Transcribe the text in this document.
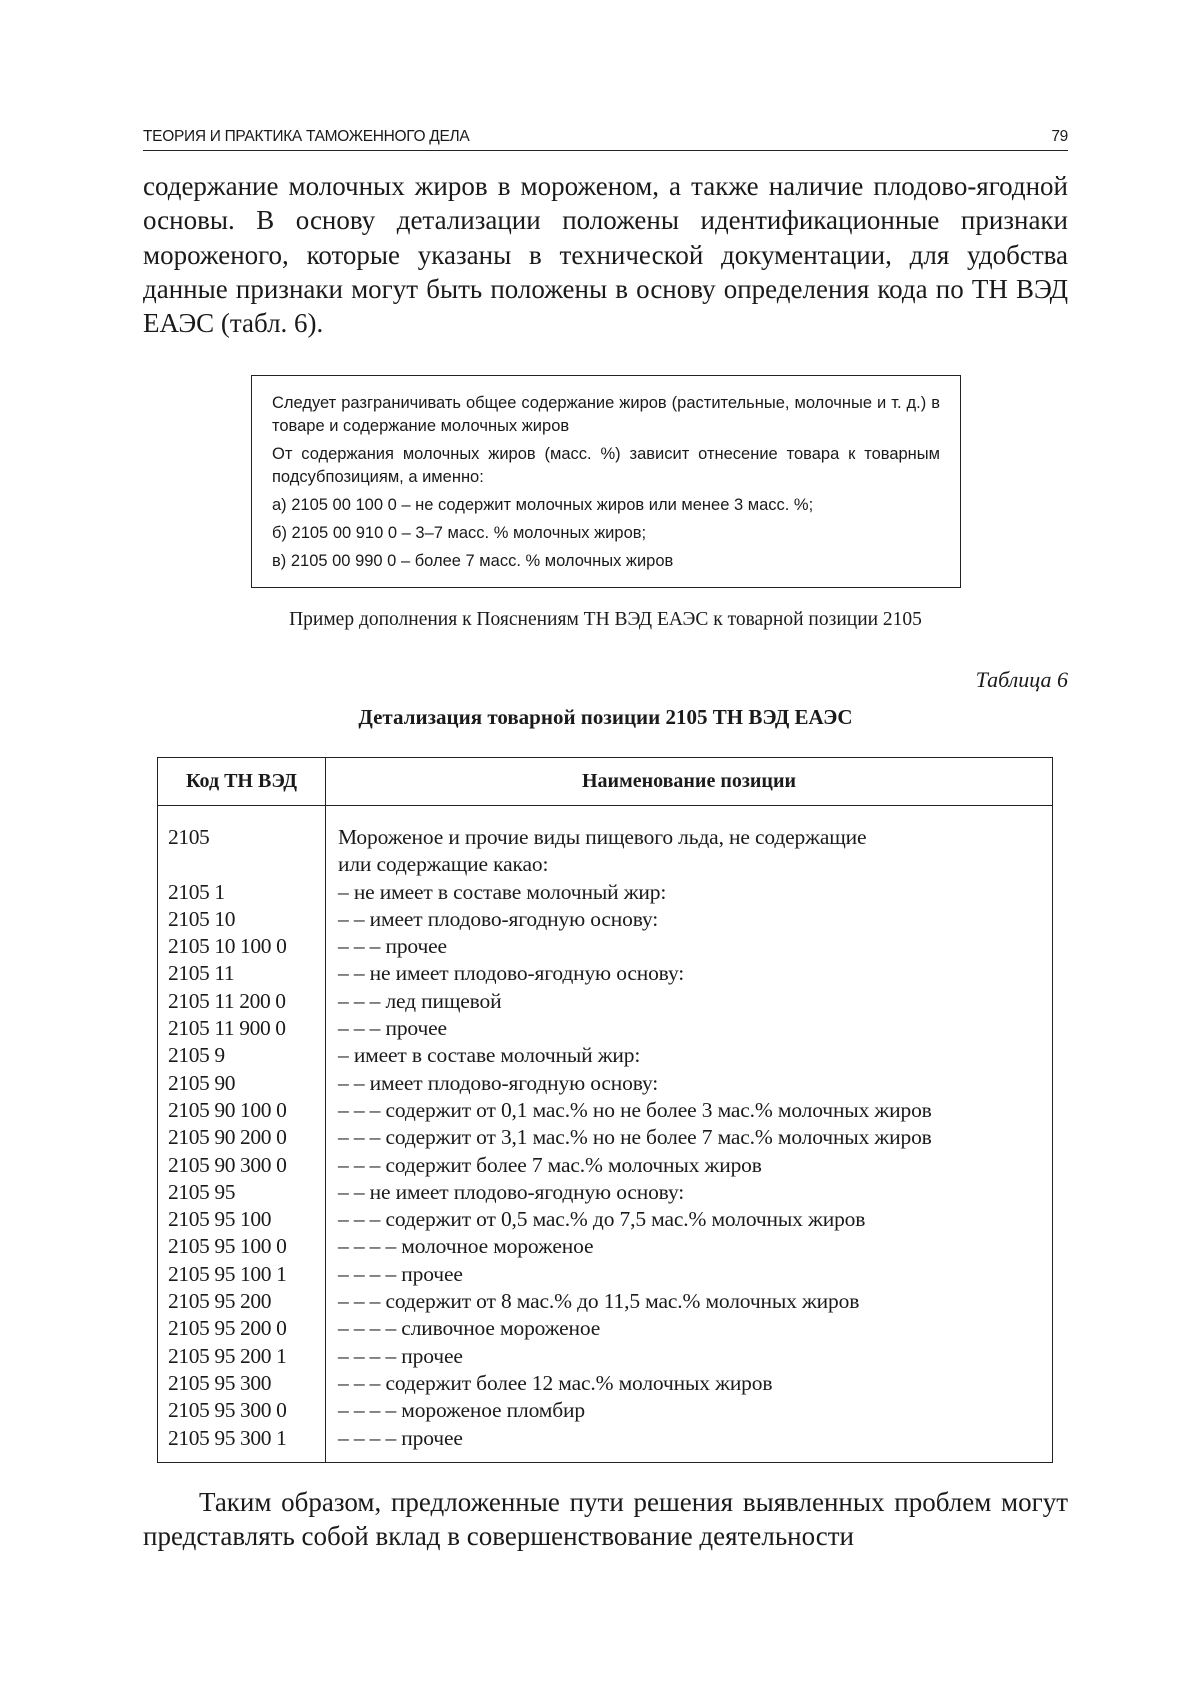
ТЕОРИЯ И ПРАКТИКА ТАМОЖЕННОГО ДЕЛА	79

содержание молочных жиров в мороженом, а также наличие плодово-ягодной основы. В основу детализации положены идентификационные признаки мороженого, которые указаны в технической документации, для удобства данные признаки могут быть положены в основу определения кода по ТН ВЭД ЕАЭС (табл. 6).

Следует разграничивать общее содержание жиров (растительные, молочные и т. д.) в товаре и содержание молочных жиров

От содержания молочных жиров (масс. %) зависит отнесение товара к товарным подсубпозициям, а именно:

а) 2105 00 100 0 – не содержит молочных жиров или менее 3 масс. %;

б) 2105 00 910 0 – 3–7 масс. % молочных жиров;

в) 2105 00 990 0 – более 7 масс. % молочных жиров

Пример дополнения к Пояснениям ТН ВЭД ЕАЭС к товарной позиции 2105
Таблица 6
Детализация товарной позиции 2105 ТН ВЭД ЕАЭС
Код ТН ВЭД	Наименование позиции
2105

2105 1
2105 10
2105 10 100 0
2105 11
2105 11 200 0
2105 11 900 0
2105 9
2105 90
2105 90 100 0
2105 90 200 0
2105 90 300 0
2105 95
2105 95 100
2105 95 100 0
2105 95 100 1
2105 95 200
2105 95 200 0
2105 95 200 1
2105 95 300
2105 95 300 0
2105 95 300 1
Мороженое и прочие виды пищевого льда, не содержащие
или содержащие какао:
– не имеет в составе молочный жир:
– – имеет плодово-ягодную основу:
– – – прочее
– – не имеет плодово-ягодную основу:
– – – лед пищевой
– – – прочее
– имеет в составе молочный жир:
– – имеет плодово-ягодную основу:
– – – содержит от 0,1 мас.% но не более 3 мас.% молочных жиров
– – – содержит от 3,1 мас.% но не более 7 мас.% молочных жиров
– – – содержит более 7 мас.% молочных жиров
– – не имеет плодово-ягодную основу:
– – – содержит от 0,5 мас.% до 7,5 мас.% молочных жиров
– – – – молочное мороженое
– – – – прочее
– – – содержит от 8 мас.% до 11,5 мас.% молочных жиров
– – – – сливочное мороженое
– – – – прочее
– – – содержит более 12 мас.% молочных жиров
– – – – мороженое пломбир
– – – – прочее

Таким образом, предложенные пути решения выявленных проблем могут представлять собой вклад в совершенствование деятельности
